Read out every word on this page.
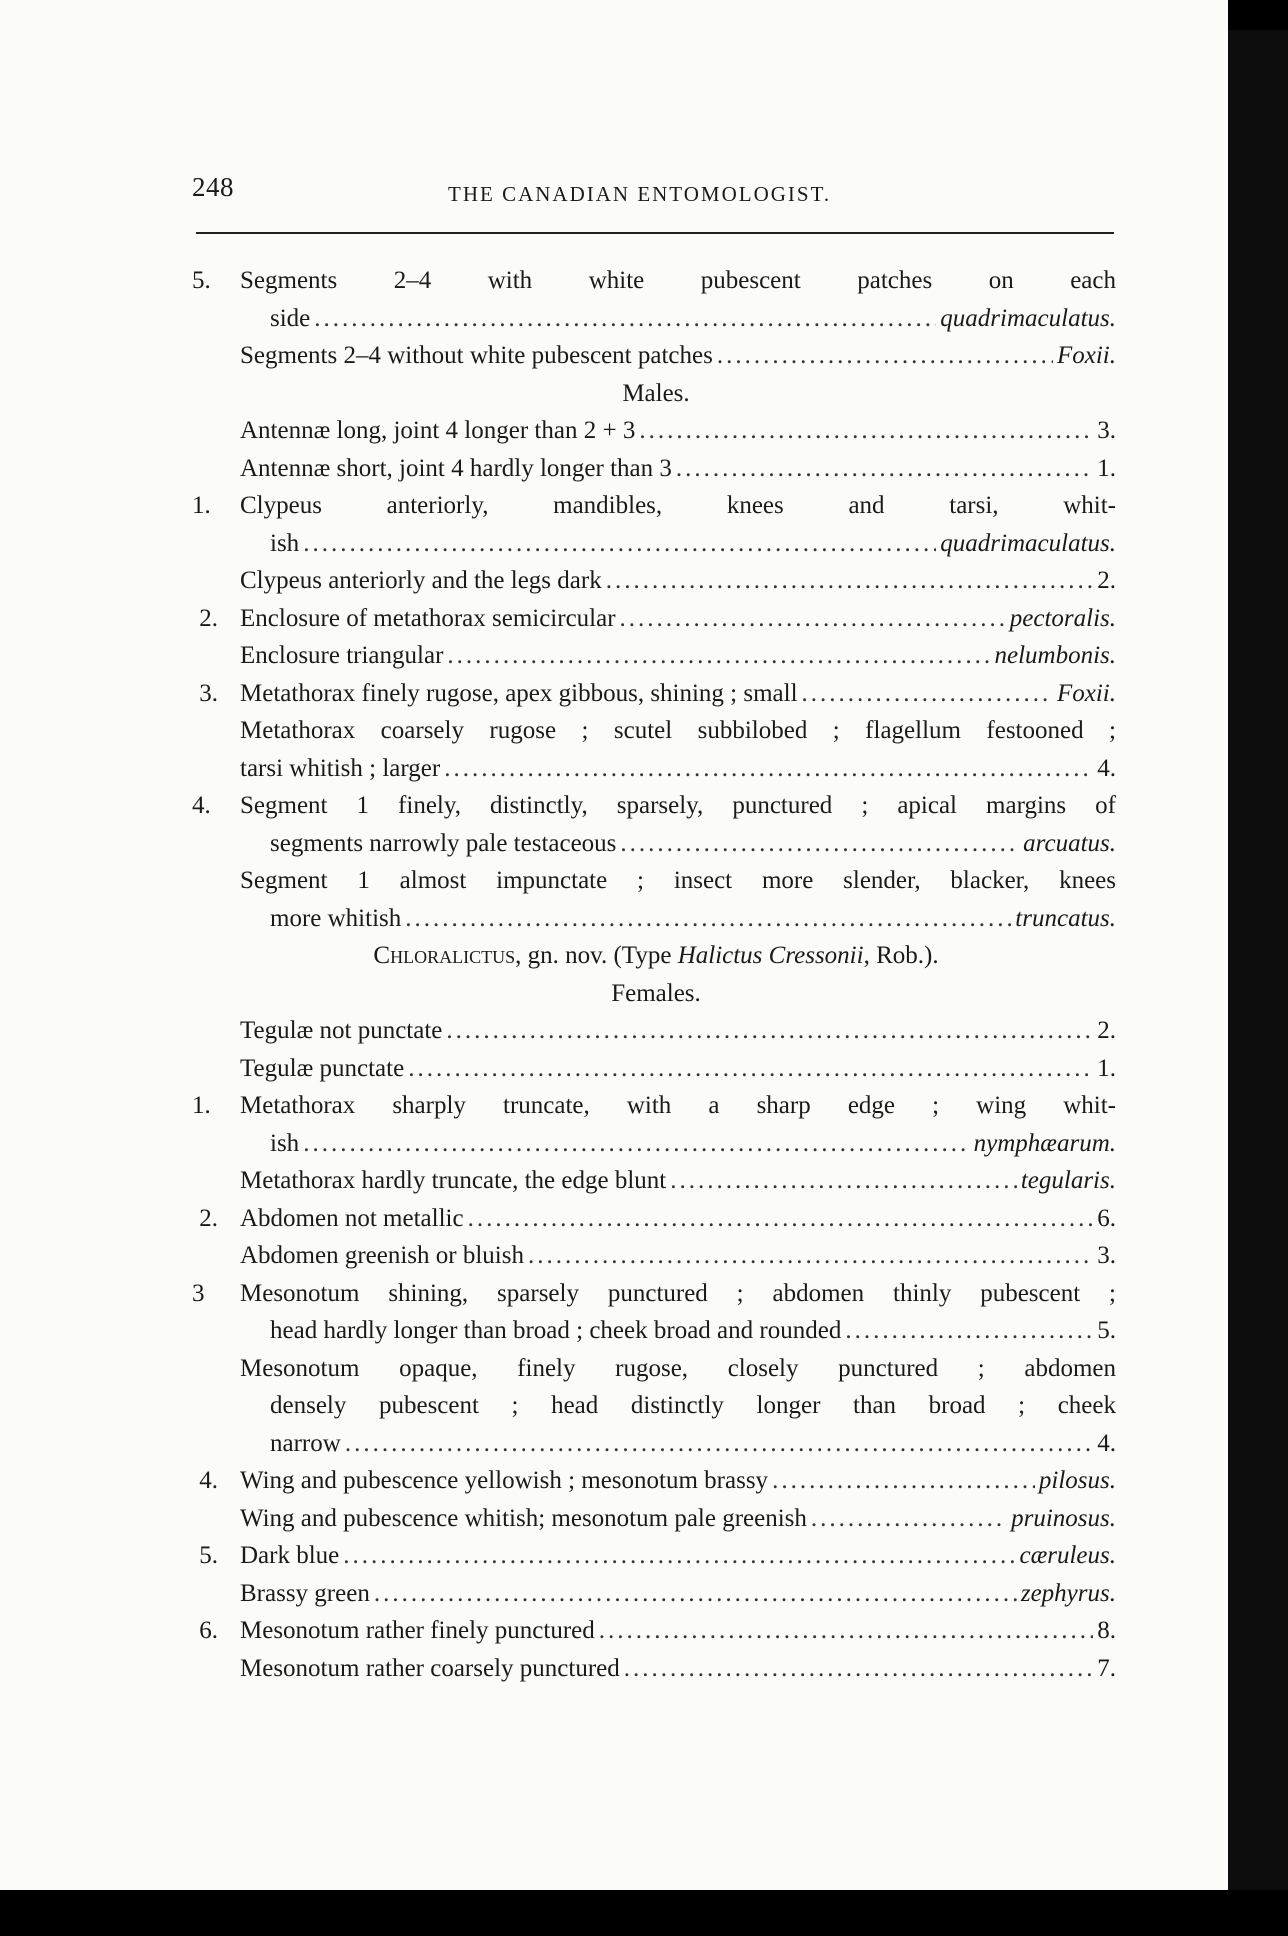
248	THE CANADIAN ENTOMOLOGIST.
5. Segments 2–4 with white pubescent patches on each
side .....	quadrimaculatus.
Segments 2–4 without white pubescent patches .....	Foxii.
Males.
Antennæ long, joint 4 longer than 2 + 3 .....	3.
Antennæ short, joint 4 hardly longer than 3 .....	1.
1. Clypeus anteriorly, mandibles, knees and tarsi, whit-
ish .....	quadrimaculatus.
Clypeus anteriorly and the legs dark .....	2.
2. Enclosure of metathorax semicircular .....	pectoralis.
Enclosure triangular .....	nelumbonis.
3. Metathorax finely rugose, apex gibbous, shining ; small .....	Foxii.
Metathorax coarsely rugose ; scutel subbilobed ; flagellum festooned ;
tarsi whitish ; larger .....	4.
4. Segment 1 finely, distinctly, sparsely, punctured ; apical margins of
segments narrowly pale testaceous .....	arcuatus.
Segment 1 almost impunctate ; insect more slender, blacker, knees
more whitish .....	truncatus.
Chloralictus, gn. nov. (Type Halictus Cressonii, Rob.).
Females.
Tegulæ not punctate .....	2.
Tegulæ punctate .....	1.
1. Metathorax sharply truncate, with a sharp edge ; wing whit-
ish .....	nymphæarum.
Metathorax hardly truncate, the edge blunt .....	tegularis.
2. Abdomen not metallic .....	6.
Abdomen greenish or bluish .....	3.
3	Mesonotum shining, sparsely punctured ; abdomen thinly pubescent ;
head hardly longer than broad ; cheek broad and rounded .....	5.
Mesonotum opaque, finely rugose, closely punctured ; abdomen
densely pubescent ; head distinctly longer than broad ; cheek
narrow .....	4.
4. Wing and pubescence yellowish ; mesonotum brassy .....	pilosus.
Wing and pubescence whitish; mesonotum pale greenish .....	pruinosus.
5. Dark blue .....	cæruleus.
Brassy green .....	zephyrus.
6. Mesonotum rather finely punctured .....	8.
Mesonotum rather coarsely punctured .....	7.
